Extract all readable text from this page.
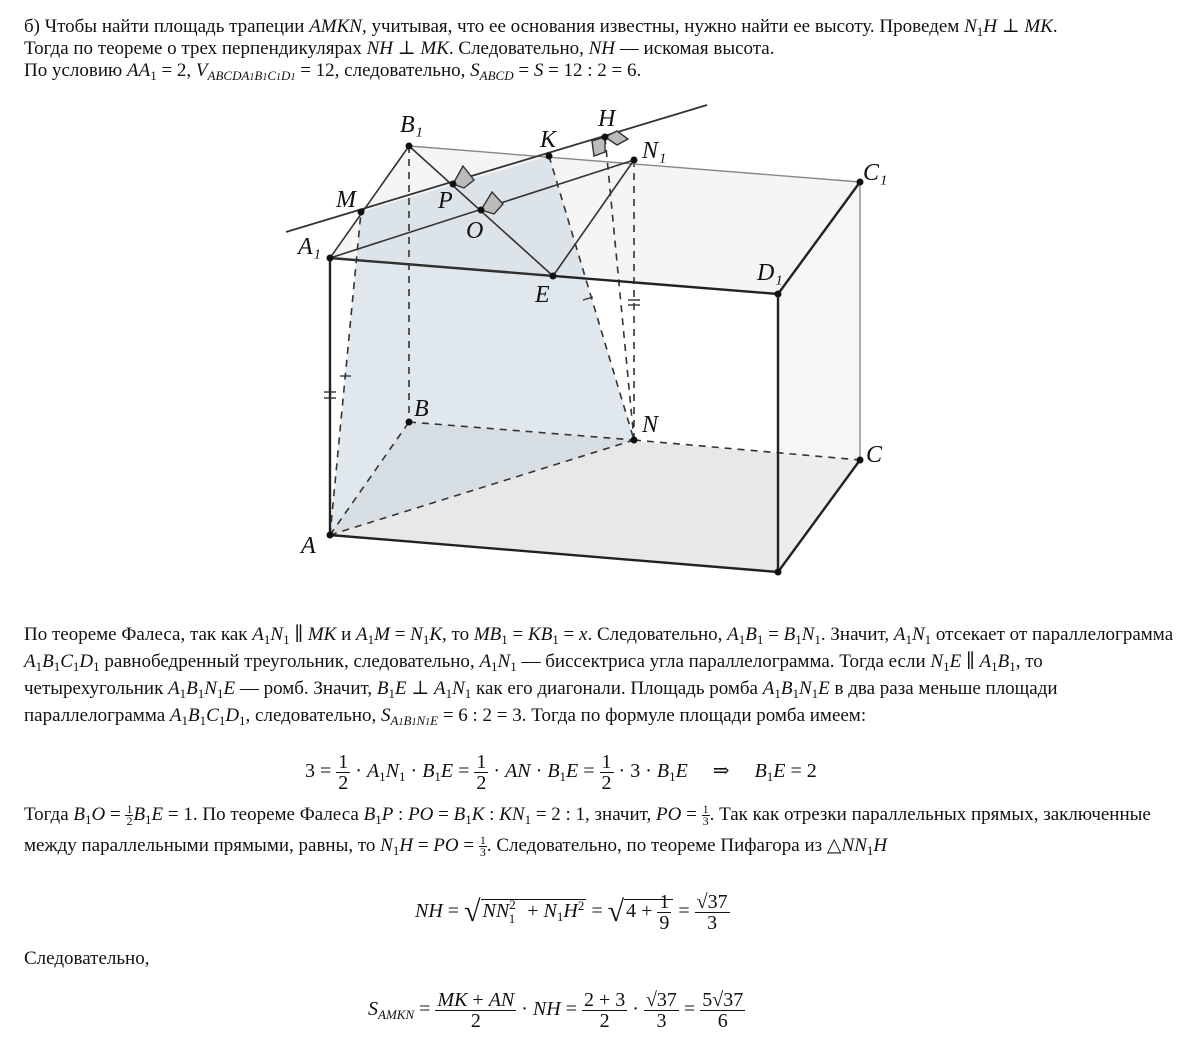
б) Чтобы найти площадь трапеции AMKN, учитывая, что ее основания известны, нужно найти ее высоту. Проведем $N_1H$ ⊥ MK.
Тогда по теореме о трех перпендикулярах NH ⊥ MK. Следовательно, NH — искомая высота.
По условию $AA_1 = 2$, $V_{ABCDA1B1C1D1} = 12$, следовательно, $S_{ABCD} = S = 12$ : 2 = 6.
B₁
K
H
N₁
C₁
M	P
O
A₁
E
D₁
B
N
C
A
По теореме Фалеса, так как $A_1N_1$ ∥ MK и $A_1M = N_1K$, то $MB_1 = KB_1 = x$. Следовательно, $A_1B_1 = B_1N_1$. Значит, $A_1N_1$ отсекает от параллелограмма $A_1B_1C_1D_1$ равнобедренный треугольник, следовательно, $A_1N_1$ — биссектриса угла параллелограмма. Тогда если $N_1E$ ∥ $A_1B_1$, то четырехугольник $A_1B_1N_1E$ — ромб. Значит, $B_1E$ ⊥ $A_1N_1$ как его диагонали. Площадь ромба $A_1B_1N_1E$ в два раза меньше площади параллелограмма $A_1B_1C_1D_1$, следовательно, $S_{A1B1N1E} = 6$ : 2 = 3. Тогда по формуле площади ромба имеем:
$3 = \frac{1}{2} \cdot A_1N_1 \cdot B_1E = \frac{1}{2}$ · AN · $B_1E = \frac{1}{2} \cdot 3 \cdot B_1E$     ⇒     $B_1E = 2$
Тогда $B_1O = \frac{1}{2} B_1E = 1$. По теореме Фалеса $B_1P$ : PO = $B_1K$ : $KN_1 = 2$ : 1, значит, PO = $\frac{1}{3}$ . Так как отрезки параллельных прямых, заключенные между параллельными прямыми, равны, то $N_1H$ = PO = $\frac{1}{3}$ . Следовательно, по теореме Пифагора из $\triangle NN_1H$
NH = √ $NN21 + N_1H^2$ = √ $4 + \frac{1}{9} = \frac{√37}{3}$
Следовательно,
$S_{AMKN} = \frac{MK + AN}{2}$ · NH = $\frac{2 + 3}{2} \cdot \frac{√37}{3} = \frac{5√37}{6}$
